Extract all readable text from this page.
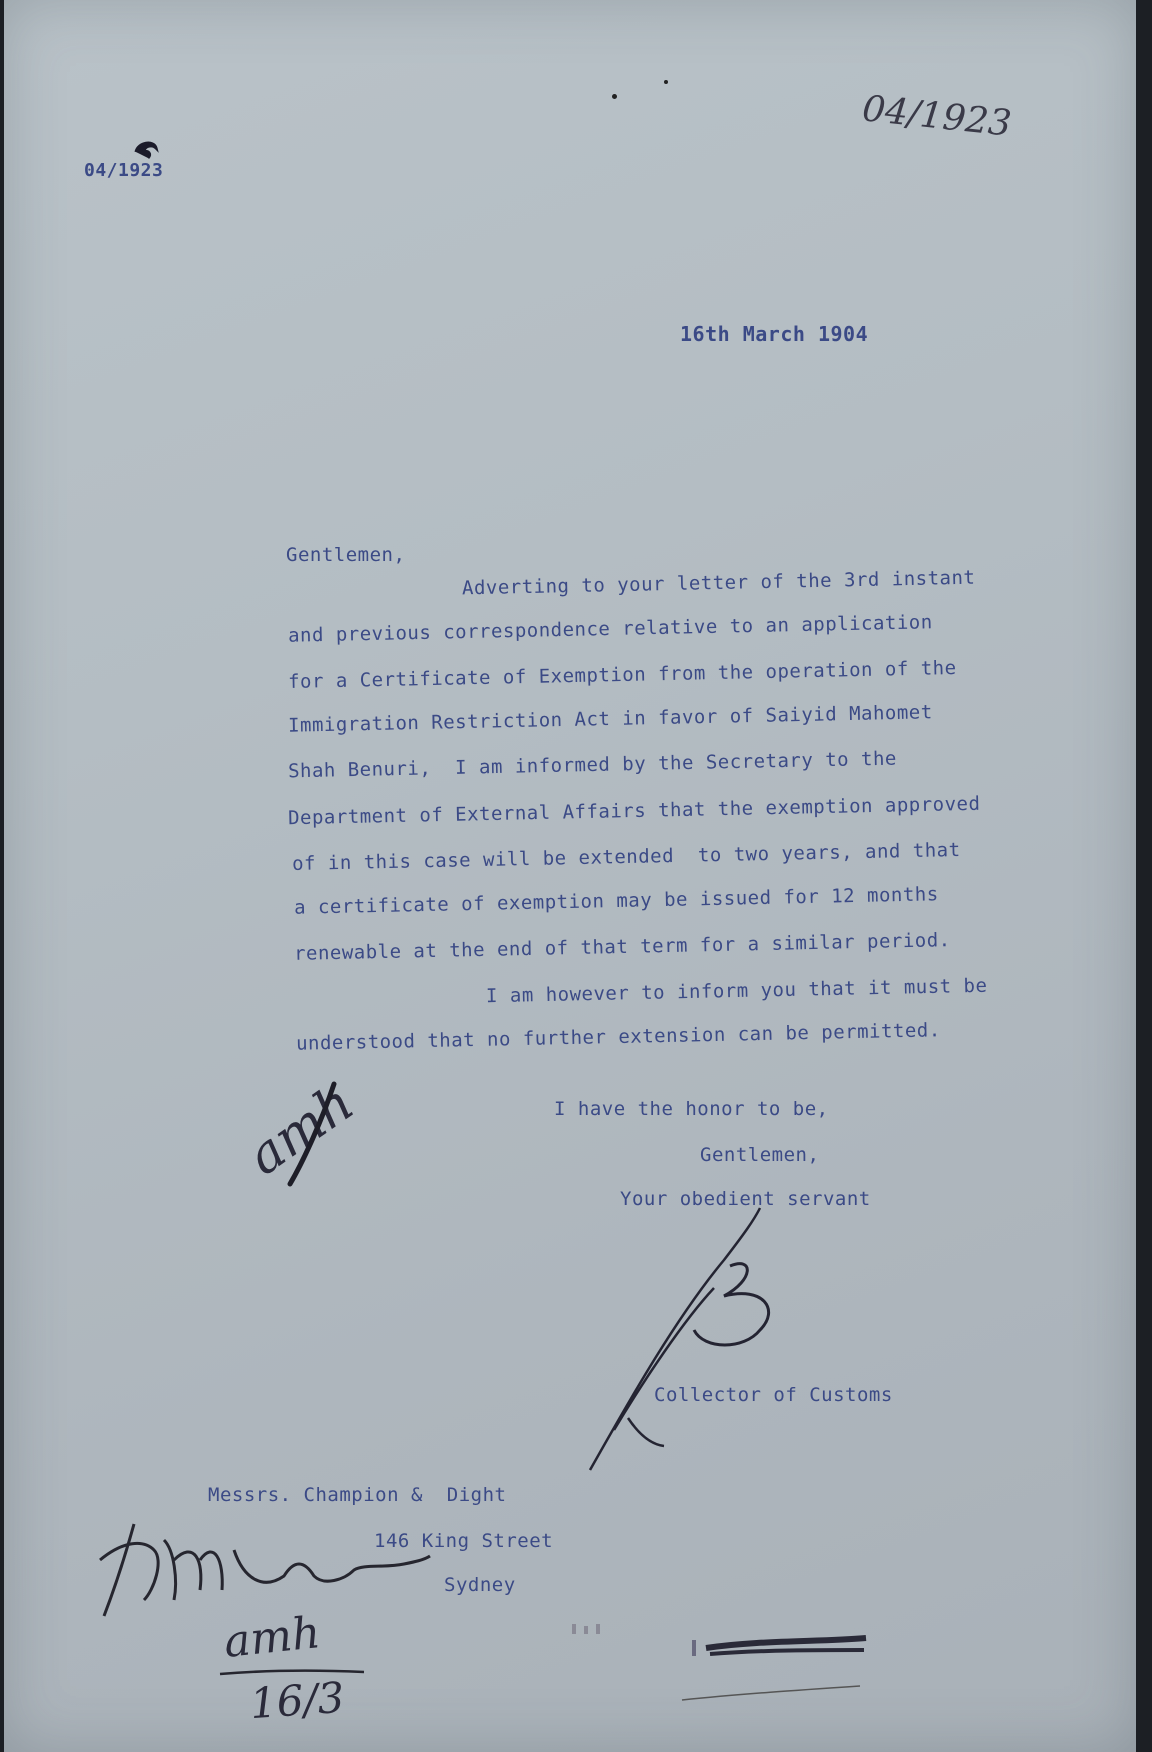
04/1923
04/1923
16th March 1904
Gentlemen,
Adverting to your letter of the 3rd instant
and previous correspondence relative to an application
for a Certificate of Exemption from the operation of the
Immigration Restriction Act in favor of Saiyid Mahomet
Shah Benuri,  I am informed by the Secretary to the
Department of External Affairs that the exemption approved
of in this case will be extended  to two years, and that
a certificate of exemption may be issued for 12 months
renewable at the end of that term for a similar period.
I am however to inform you that it must be
understood that no further extension can be permitted.
I have the honor to be,
Gentlemen,
Your obedient servant
amh
Collector of Customs
Messrs. Champion &  Dight
146 King Street
Sydney
amh
16/3
